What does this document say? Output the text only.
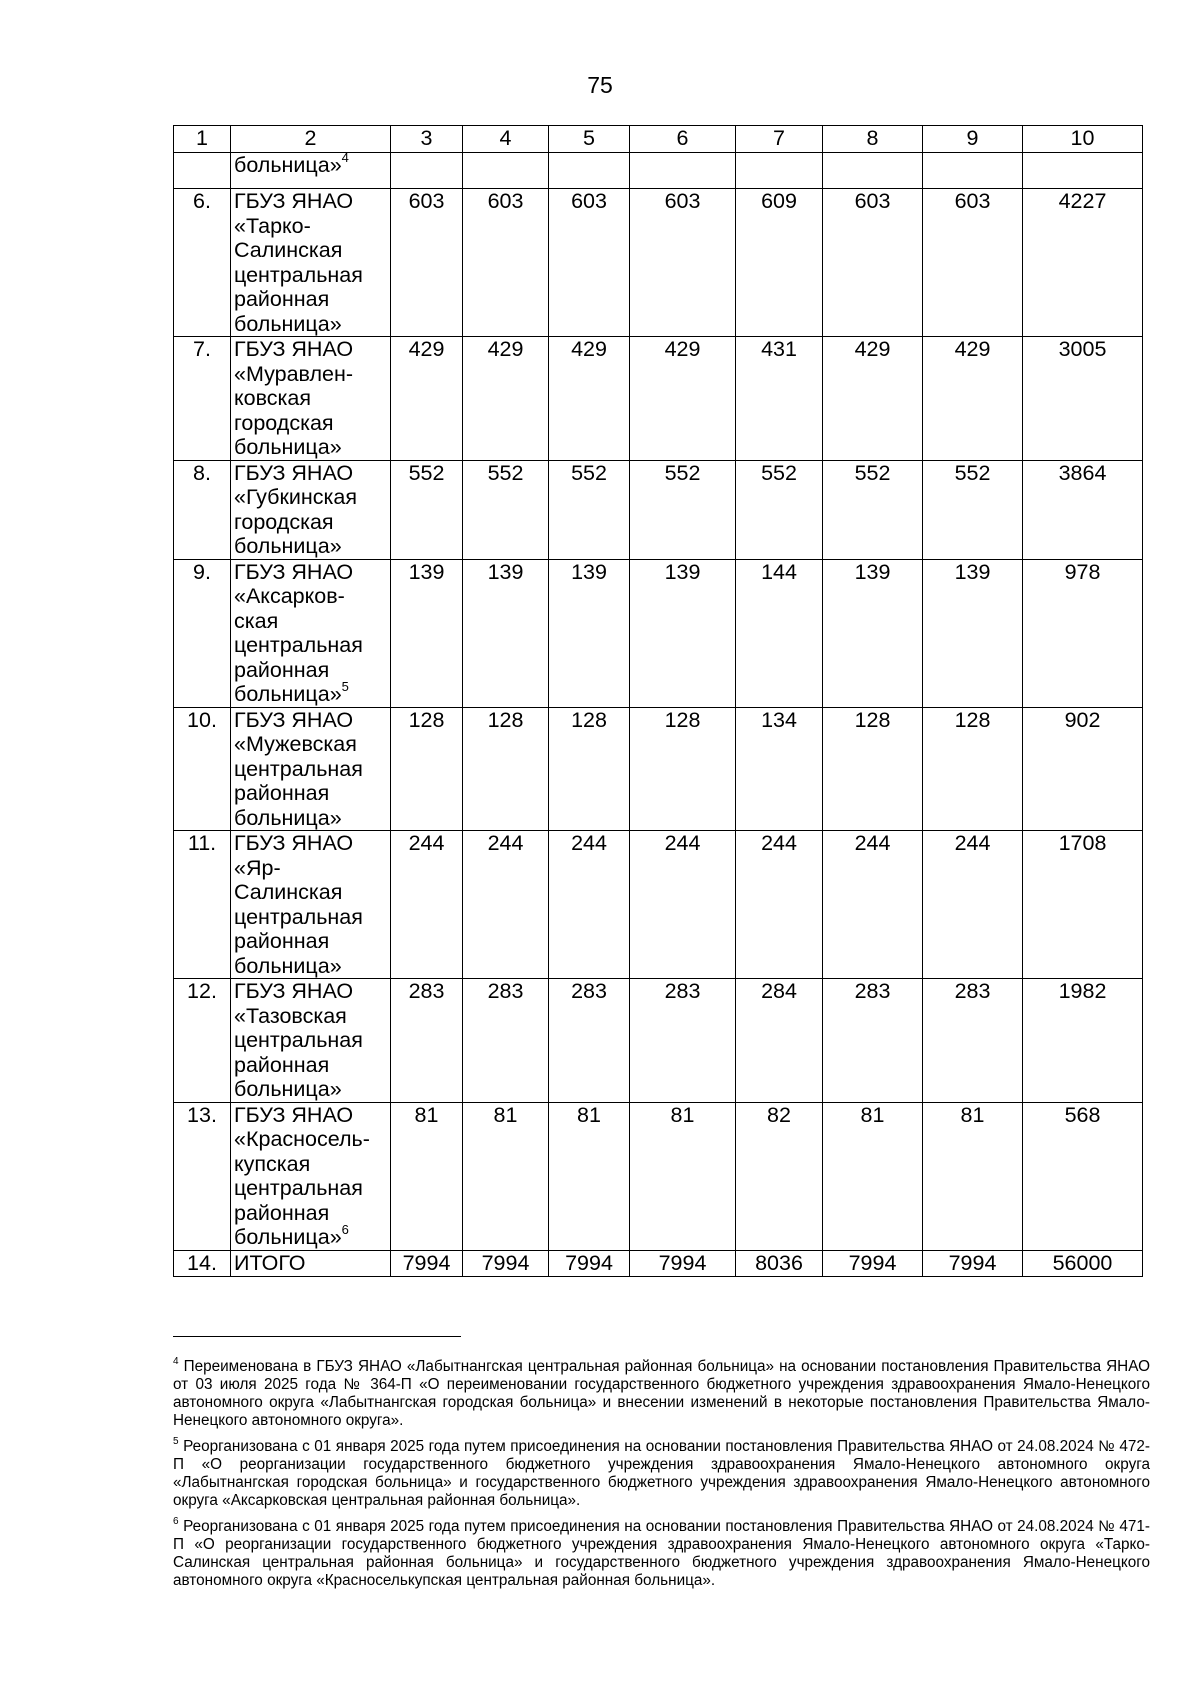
75
1	2	3	4	5	6	7	8	9	10
	больница»$^4$								
6.	ГБУЗ ЯНАО «Тарко-Салинская центральная районная больница»	603	603	603	603	609	603	603	4227
7.	ГБУЗ ЯНАО «Муравлен-ковская городская больница»	429	429	429	429	431	429	429	3005
8.	ГБУЗ ЯНАО «Губкинская городская больница»	552	552	552	552	552	552	552	3864
9.	ГБУЗ ЯНАО «Аксарков-ская центральная районная больница»$^5$	139	139	139	139	144	139	139	978
10.	ГБУЗ ЯНАО «Мужевская центральная районная больница»	128	128	128	128	134	128	128	902
11.	ГБУЗ ЯНАО «Яр-Салинская центральная районная больница»	244	244	244	244	244	244	244	1708
12.	ГБУЗ ЯНАО «Тазовская центральная районная больница»	283	283	283	283	284	283	283	1982
13.	ГБУЗ ЯНАО «Красносель-купская центральная районная больница»$^6$	81	81	81	81	82	81	81	568
14.	ИТОГО	7994	7994	7994	7994	8036	7994	7994	56000
$^4$ Переименована в ГБУЗ ЯНАО «Лабытнангская центральная районная больница» на основании постановления Правительства ЯНАО от 03 июля 2025 года № 364-П «О переименовании государственного бюджетного учреждения здравоохранения Ямало-Ненецкого автономного округа «Лабытнангская городская больница» и внесении изменений в некоторые постановления Правительства Ямало-Ненецкого автономного округа».
$^5$ Реорганизована с 01 января 2025 года путем присоединения на основании постановления Правительства ЯНАО от 24.08.2024 № 472-П «О реорганизации государственного бюджетного учреждения здравоохранения Ямало-Ненецкого автономного округа «Лабытнангская городская больница» и государственного бюджетного учреждения здравоохранения Ямало-Ненецкого автономного округа «Аксарковская центральная районная больница».
$^6$ Реорганизована с 01 января 2025 года путем присоединения на основании постановления Правительства ЯНАО от 24.08.2024 № 471-П «О реорганизации государственного бюджетного учреждения здравоохранения Ямало-Ненецкого автономного округа «Тарко-Салинская центральная районная больница» и государственного бюджетного учреждения здравоохранения Ямало-Ненецкого автономного округа «Красноселькупская центральная районная больница».
